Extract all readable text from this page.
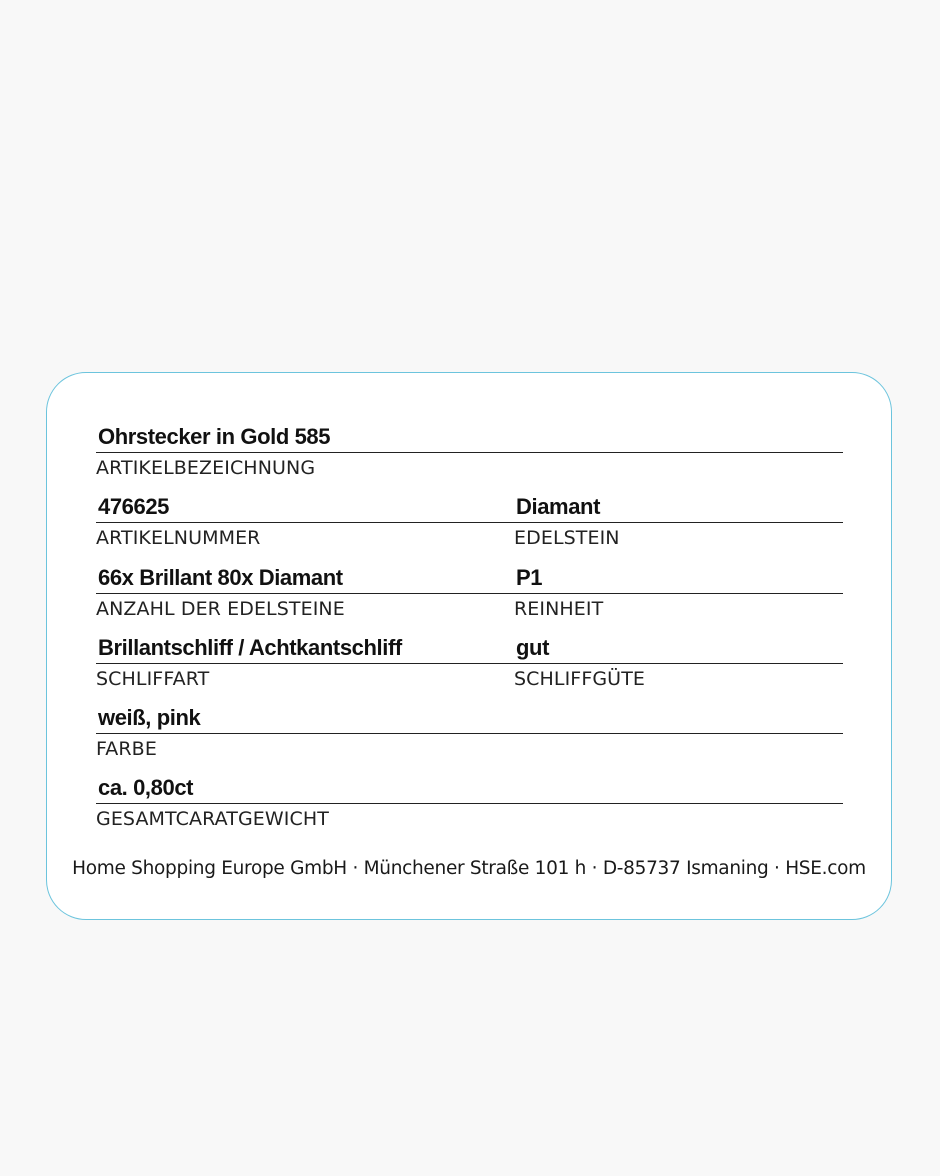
Ohrstecker in Gold 585
ARTIKELBEZEICHNUNG
476625
ARTIKELNUMMER
Diamant
EDELSTEIN
66x Brillant 80x Diamant
ANZAHL DER EDELSTEINE
P1
REINHEIT
Brillantschliff / Achtkantschliff
SCHLIFFART
gut
SCHLIFFGÜTE
weiß, pink
FARBE
ca. 0,80ct
GESAMTCARATGEWICHT
Home Shopping Europe GmbH · Münchener Straße 101 h · D-85737 Ismaning · HSE.com
